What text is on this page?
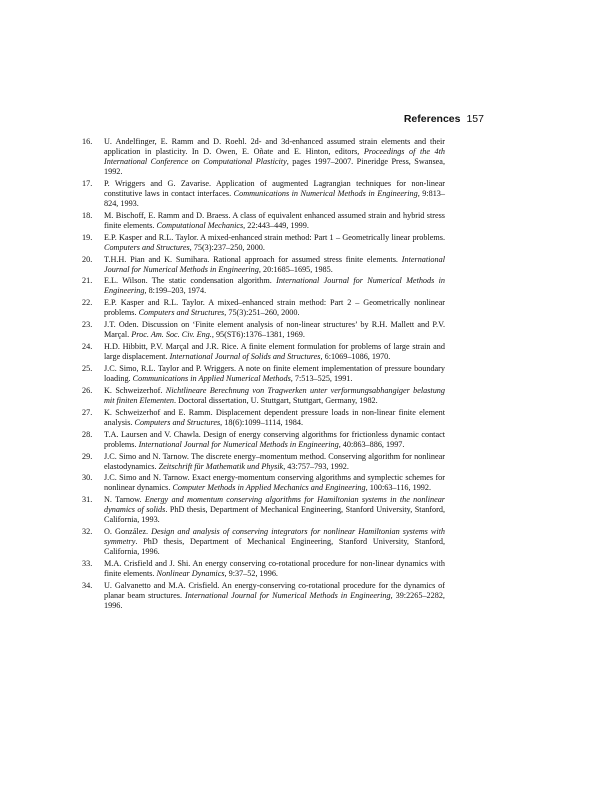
References 157
16.	U. Andelfinger, E. Ramm and D. Roehl. 2d- and 3d-enhanced assumed strain elements and their application in plasticity. In D. Owen, E. Oñate and E. Hinton, editors, Proceedings of the 4th International Conference on Computational Plasticity, pages 1997–2007. Pineridge Press, Swansea, 1992.
17.	P. Wriggers and G. Zavarise. Application of augmented Lagrangian techniques for non-linear constitutive laws in contact interfaces. Communications in Numerical Methods in Engineering, 9:813–824, 1993.
18.	M. Bischoff, E. Ramm and D. Braess. A class of equivalent enhanced assumed strain and hybrid stress finite elements. Computational Mechanics, 22:443–449, 1999.
19.	E.P. Kasper and R.L. Taylor. A mixed-enhanced strain method: Part 1 – Geometrically linear problems. Computers and Structures, 75(3):237–250, 2000.
20.	T.H.H. Pian and K. Sumihara. Rational approach for assumed stress finite elements. International Journal for Numerical Methods in Engineering, 20:1685–1695, 1985.
21.	E.L. Wilson. The static condensation algorithm. International Journal for Numerical Methods in Engineering, 8:199–203, 1974.
22.	E.P. Kasper and R.L. Taylor. A mixed–enhanced strain method: Part 2 – Geometrically nonlinear problems. Computers and Structures, 75(3):251–260, 2000.
23.	J.T. Oden. Discussion on ‘Finite element analysis of non-linear structures’ by R.H. Mallett and P.V. Marçal. Proc. Am. Soc. Civ. Eng., 95(ST6):1376–1381, 1969.
24.	H.D. Hibbitt, P.V. Marçal and J.R. Rice. A finite element formulation for problems of large strain and large displacement. International Journal of Solids and Structures, 6:1069–1086, 1970.
25.	J.C. Simo, R.L. Taylor and P. Wriggers. A note on finite element implementation of pressure boundary loading. Communications in Applied Numerical Methods, 7:513–525, 1991.
26.	K. Schweizerhof. Nichtlineare Berechnung von Tragwerken unter verformungsabhangiger belastung mit finiten Elementen. Doctoral dissertation, U. Stuttgart, Stuttgart, Germany, 1982.
27.	K. Schweizerhof and E. Ramm. Displacement dependent pressure loads in non-linear finite element analysis. Computers and Structures, 18(6):1099–1114, 1984.
28.	T.A. Laursen and V. Chawla. Design of energy conserving algorithms for frictionless dynamic contact problems. International Journal for Numerical Methods in Engineering, 40:863–886, 1997.
29.	J.C. Simo and N. Tarnow. The discrete energy–momentum method. Conserving algorithm for nonlinear elastodynamics. Zeitschrift für Mathematik und Physik, 43:757–793, 1992.
30.	J.C. Simo and N. Tarnow. Exact energy-momentum conserving algorithms and symplectic schemes for nonlinear dynamics. Computer Methods in Applied Mechanics and Engineering, 100:63–116, 1992.
31.	N. Tarnow. Energy and momentum conserving algorithms for Hamiltonian systems in the nonlinear dynamics of solids. PhD thesis, Department of Mechanical Engineering, Stanford University, Stanford, California, 1993.
32.	O. González. Design and analysis of conserving integrators for nonlinear Hamiltonian systems with symmetry. PhD thesis, Department of Mechanical Engineering, Stanford University, Stanford, California, 1996.
33.	M.A. Crisfield and J. Shi. An energy conserving co-rotational procedure for non-linear dynamics with finite elements. Nonlinear Dynamics, 9:37–52, 1996.
34.	U. Galvanetto and M.A. Crisfield. An energy-conserving co-rotational procedure for the dynamics of planar beam structures. International Journal for Numerical Methods in Engineering, 39:2265–2282, 1996.
